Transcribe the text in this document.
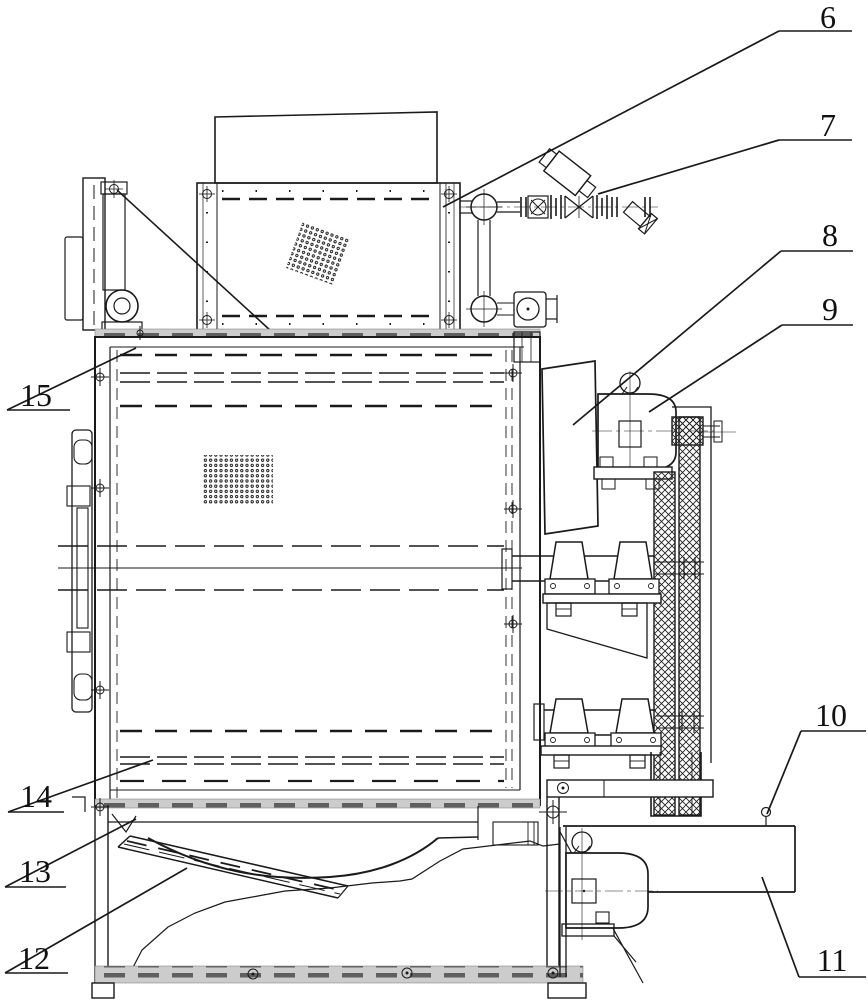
6
7
8
9
10
11
12
13
14
15
